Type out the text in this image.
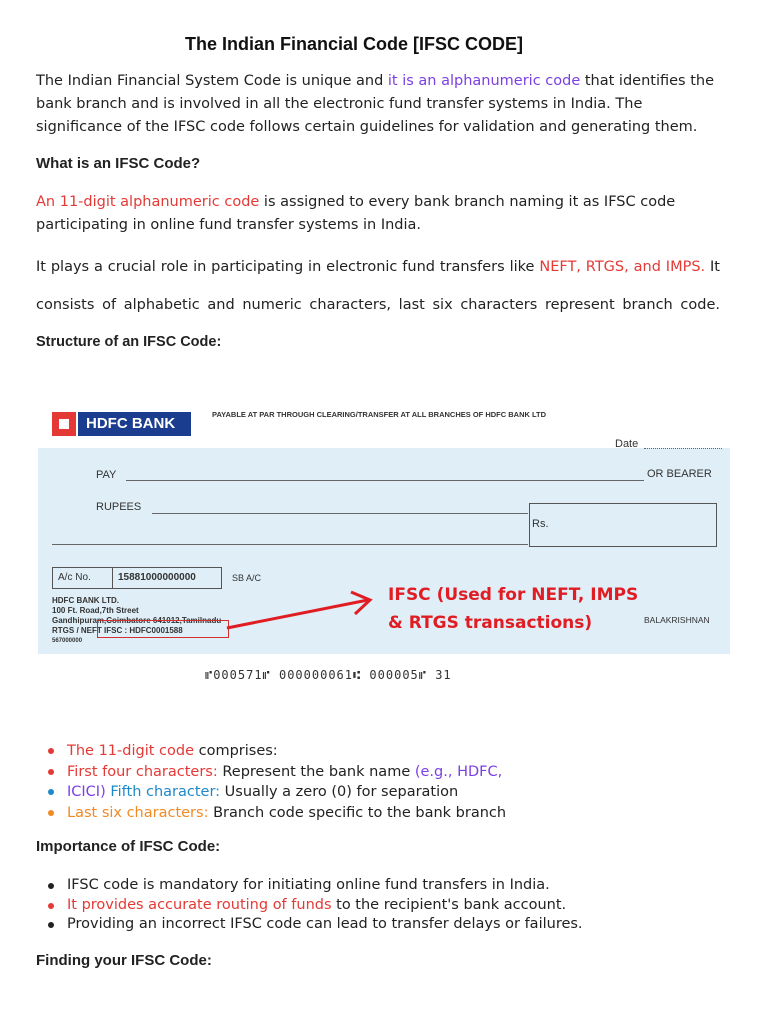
The Indian Financial Code [IFSC CODE]
The Indian Financial System Code is unique and it is an alphanumeric code that identifies the bank branch and is involved in all the electronic fund transfer systems in India. The significance of the IFSC code follows certain guidelines for validation and generating them.
What is an IFSC Code?
An 11-digit alphanumeric code is assigned to every bank branch naming it as IFSC code participating in online fund transfer systems in India.
It plays a crucial role in participating in electronic fund transfers like NEFT, RTGS, and IMPS. It consists of alphabetic and numeric characters, last six characters represent branch code. Structure of an IFSC Code:
HDFC BANK
PAYABLE AT PAR THROUGH CLEARING/TRANSFER AT ALL BRANCHES OF HDFC BANK LTD
Date
PAY	OR BEARER
RUPEES
Rs.
A/c No.	15881000000000	SB A/C
HDFC BANK LTD.
100 Ft. Road,7th Street
Gandhipuram,Coimbatore 641012,Tamilnadu
RTGS / NEFT IFSC : HDFC0001588
567000000
IFSC (Used for NEFT, IMPS
& RTGS transactions)	BALAKRISHNAN
⑈000571⑈ 000000061⑆ 000005⑈ 31
The 11-digit code comprises:
First four characters: Represent the bank name (e.g., HDFC,
ICICI) Fifth character: Usually a zero (0) for separation
Last six characters: Branch code specific to the bank branch
Importance of IFSC Code:
IFSC code is mandatory for initiating online fund transfers in India.
It provides accurate routing of funds to the recipient's bank account.
Providing an incorrect IFSC code can lead to transfer delays or failures.
Finding your IFSC Code:
